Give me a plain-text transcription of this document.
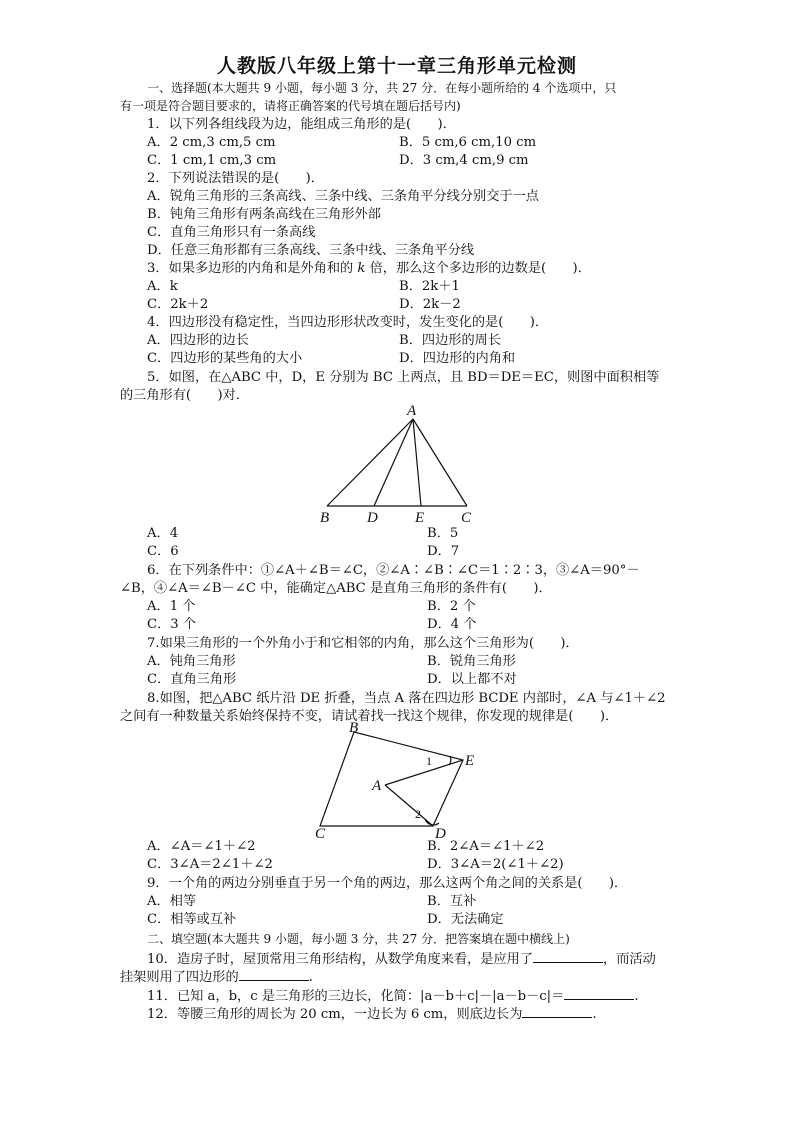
人教版八年级上第十一章三角形单元检测
一、选择题(本大题共 9 小题，每小题 3 分，共 27 分．在每小题所给的 4 个选项中，只
有一项是符合题目要求的，请将正确答案的代号填在题后括号内)
1．以下列各组线段为边，能组成三角形的是(　　)．
A．2 cm,3 cm,5 cm	B．5 cm,6 cm,10 cm
C．1 cm,1 cm,3 cm	D．3 cm,4 cm,9 cm
2．下列说法错误的是(　　)．
A．锐角三角形的三条高线、三条中线、三条角平分线分别交于一点
B．钝角三角形有两条高线在三角形外部
C．直角三角形只有一条高线
D．任意三角形都有三条高线、三条中线、三条角平分线
3．如果多边形的内角和是外角和的 k 倍，那么这个多边形的边数是(　　)．
A．k	B．2k＋1
C．2k＋2	D．2k－2
4．四边形没有稳定性，当四边形形状改变时，发生变化的是(　　)．
A．四边形的边长	B．四边形的周长
C．四边形的某些角的大小	D．四边形的内角和
5．如图，在△ABC 中，D，E 分别为 BC 上两点，且 BD＝DE＝EC，则图中面积相等
的三角形有(　　)对．
A
B	D E C
A．4	B．5
C．6	D．7
6．在下列条件中：①∠A＋∠B＝∠C，②∠A∶∠B∶∠C＝1∶2∶3，③∠A＝90°－
∠B，④∠A＝∠B－∠C 中，能确定△ABC 是直角三角形的条件有(　　)．
A．1 个	B．2 个
C．3 个	D．4 个
7.如果三角形的一个外角小于和它相邻的内角，那么这个三角形为(　　)．
A．钝角三角形	B．锐角三角形
C．直角三角形	D．以上都不对
8.如图，把△ABC 纸片沿 DE 折叠，当点 A 落在四边形 BCDE 内部时，∠A 与∠1＋∠2
之间有一种数量关系始终保持不变，请试着找一找这个规律，你发现的规律是(　　)．
B
E
A
C	D
1
2
A．∠A＝∠1＋∠2	B．2∠A＝∠1＋∠2
C．3∠A＝2∠1＋∠2	D．3∠A＝2(∠1＋∠2)
9．一个角的两边分别垂直于另一个角的两边，那么这两个角之间的关系是(　　)．
A．相等	B．互补
C．相等或互补	D．无法确定
二、填空题(本大题共 9 小题，每小题 3 分，共 27 分．把答案填在题中横线上)
10．造房子时，屋顶常用三角形结构，从数学角度来看，是应用了	，而活动
挂架则用了四边形的	.
11．已知 a，b，c 是三角形的三边长，化简：|a－b＋c|－|a－b－c|＝	.
12．等腰三角形的周长为 20 cm，一边长为 6 cm，则底边长为	.
